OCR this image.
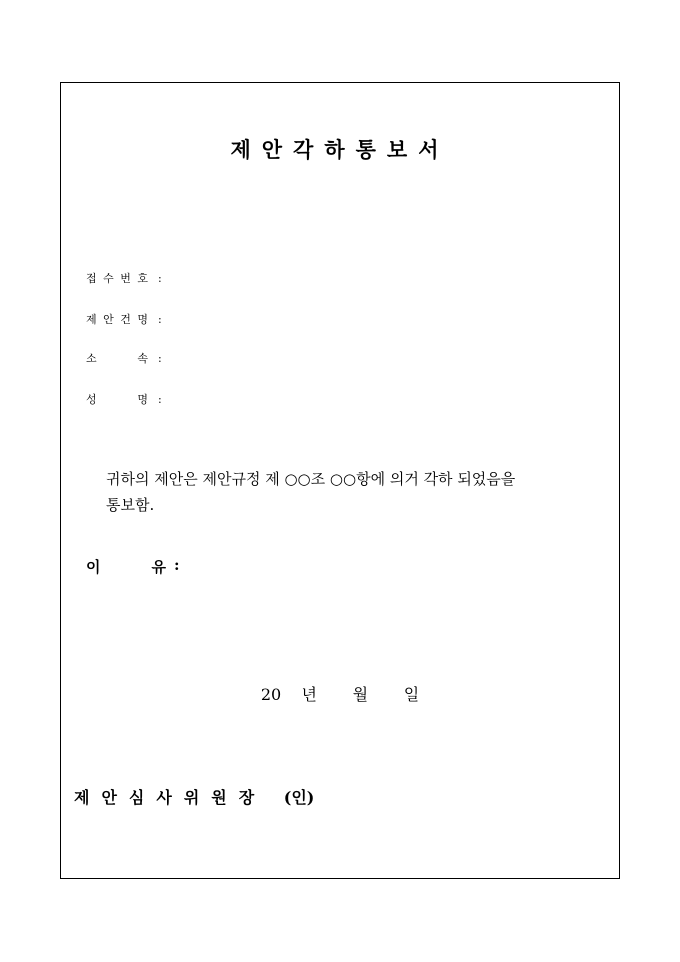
제안각하통보서
접 수 번 호 :
제 안 건 명 :
소	속 :
성	명 :
귀하의 제안은 제안규정 제 ○○조 ○○항에 의거 각하 되었음을
통보함.
이	유 :
20 년 월 일
제안심사위원장 (인)
